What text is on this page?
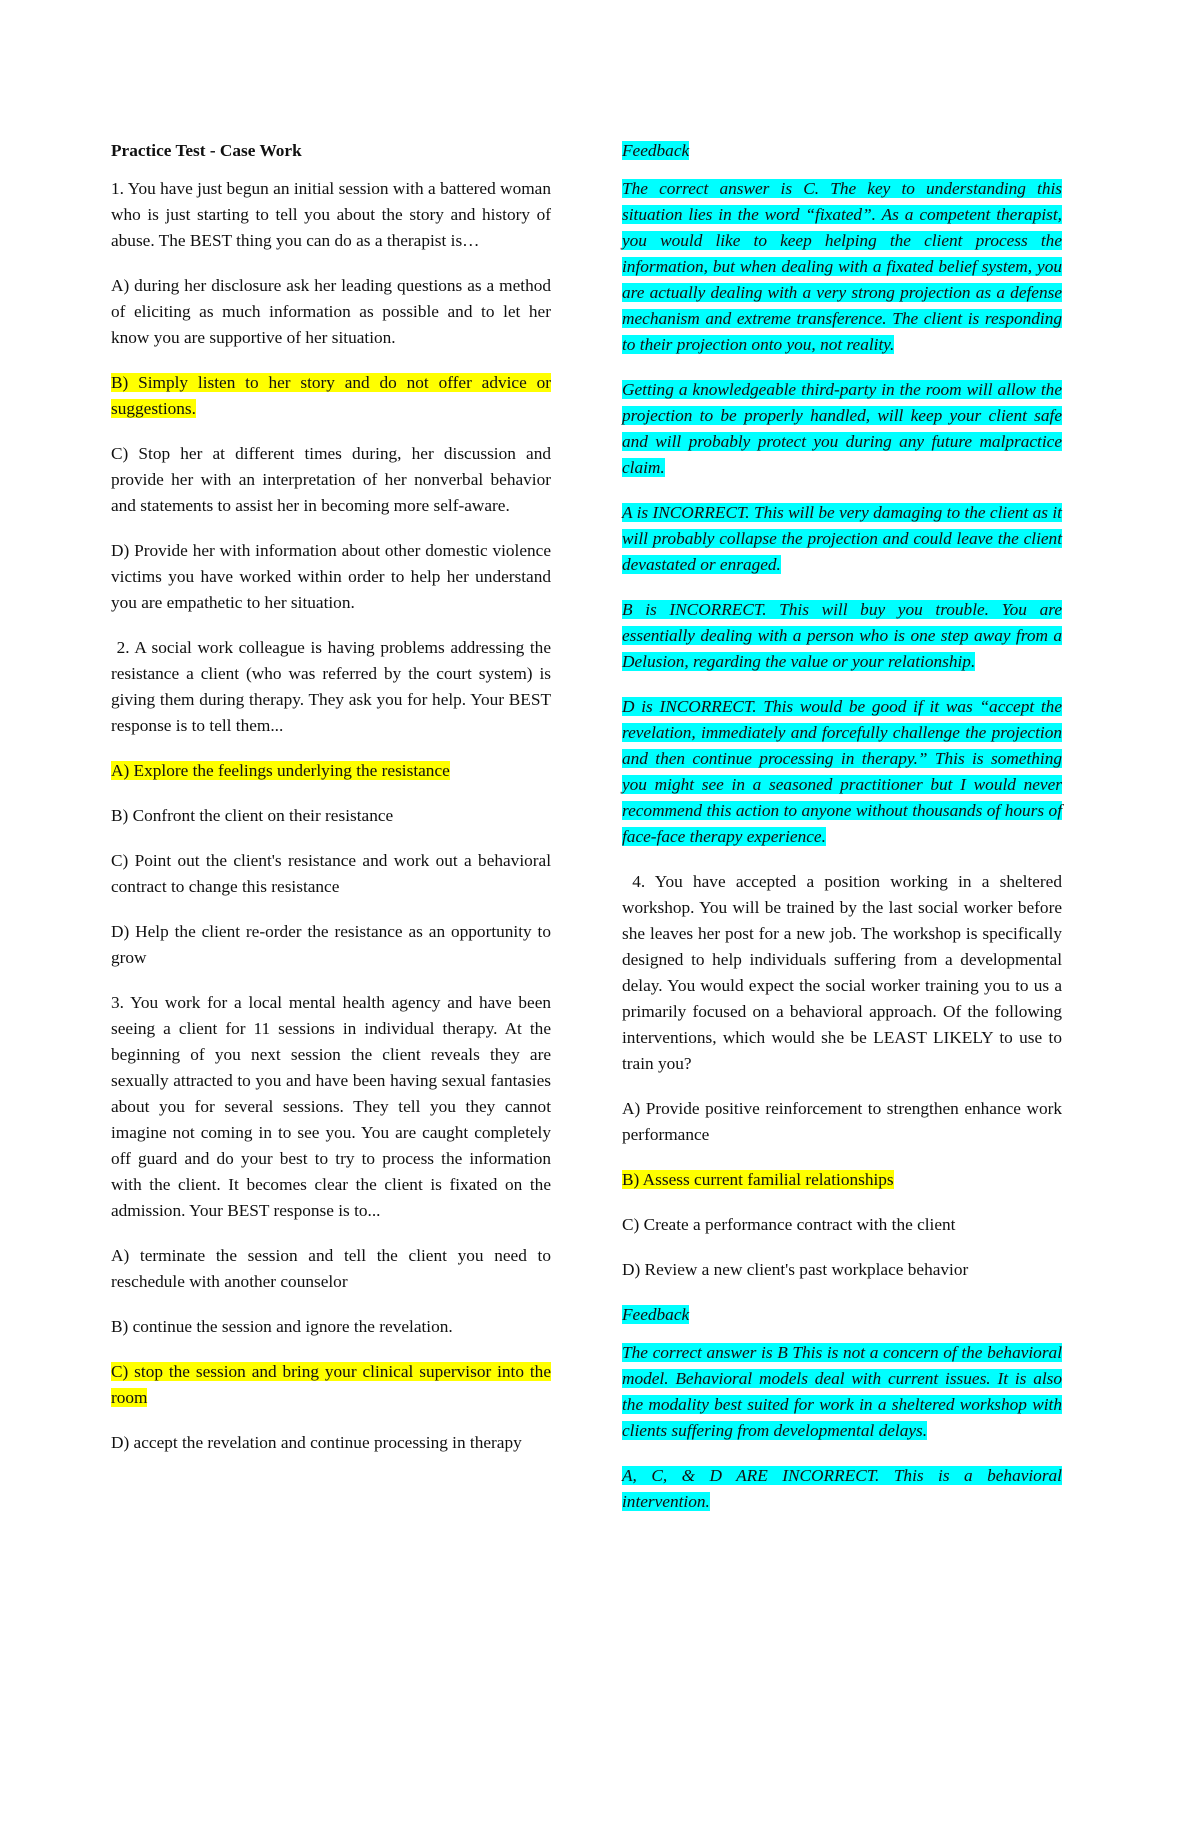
Practice Test - Case Work

1. You have just begun an initial session with a battered woman who is just starting to tell you about the story and history of abuse. The BEST thing you can do as a therapist is…

A) during her disclosure ask her leading questions as a method of eliciting as much information as possible and to let her know you are supportive of her situation.

B) Simply listen to her story and do not offer advice or suggestions.

C) Stop her at different times during, her discussion and provide her with an interpretation of her nonverbal behavior and statements to assist her in becoming more self-aware.

D) Provide her with information about other domestic violence victims you have worked within order to help her understand you are empathetic to her situation.

2. A social work colleague is having problems addressing the resistance a client (who was referred by the court system) is giving them during therapy. They ask you for help. Your BEST response is to tell them...

A) Explore the feelings underlying the resistance

B) Confront the client on their resistance

C) Point out the client's resistance and work out a behavioral contract to change this resistance

D) Help the client re-order the resistance as an opportunity to grow

3. You work for a local mental health agency and have been seeing a client for 11 sessions in individual therapy. At the beginning of you next session the client reveals they are sexually attracted to you and have been having sexual fantasies about you for several sessions. They tell you they cannot imagine not coming in to see you. You are caught completely off guard and do your best to try to process the information with the client. It becomes clear the client is fixated on the admission. Your BEST response is to...

A) terminate the session and tell the client you need to reschedule with another counselor

B) continue the session and ignore the revelation.

C) stop the session and bring your clinical supervisor into the room

D) accept the revelation and continue processing in therapy

Feedback

The correct answer is C. The key to understanding this situation lies in the word “fixated”. As a competent therapist, you would like to keep helping the client process the information, but when dealing with a fixated belief system, you are actually dealing with a very strong projection as a defense mechanism and extreme transference. The client is responding to their projection onto you, not reality.

Getting a knowledgeable third-party in the room will allow the projection to be properly handled, will keep your client safe and will probably protect you during any future malpractice claim.

A is INCORRECT. This will be very damaging to the client as it will probably collapse the projection and could leave the client devastated or enraged.

B is INCORRECT. This will buy you trouble. You are essentially dealing with a person who is one step away from a Delusion, regarding the value or your relationship.

D is INCORRECT. This would be good if it was “accept the revelation, immediately and forcefully challenge the projection and then continue processing in therapy.” This is something you might see in a seasoned practitioner but I would never recommend this action to anyone without thousands of hours of face-face therapy experience.

4. You have accepted a position working in a sheltered workshop. You will be trained by the last social worker before she leaves her post for a new job. The workshop is specifically designed to help individuals suffering from a developmental delay. You would expect the social worker training you to us a primarily focused on a behavioral approach. Of the following interventions, which would she be LEAST LIKELY to use to train you?

A) Provide positive reinforcement to strengthen enhance work performance

B) Assess current familial relationships

C) Create a performance contract with the client

D) Review a new client's past workplace behavior

Feedback

The correct answer is B This is not a concern of the behavioral model. Behavioral models deal with current issues. It is also the modality best suited for work in a sheltered workshop with clients suffering from developmental delays.

A, C, & D ARE INCORRECT. This is a behavioral intervention.
